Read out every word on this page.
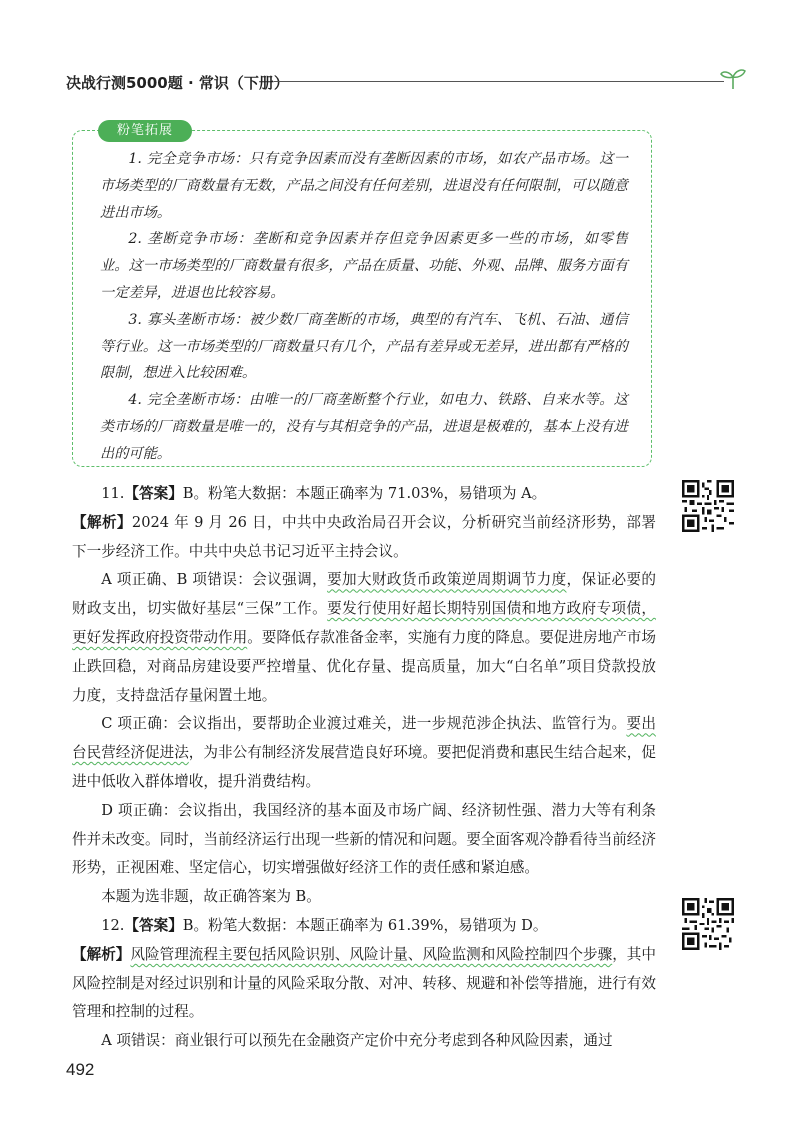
决战行测5000题 · 常识（下册）
粉笔拓展

1. 完全竞争市场：只有竞争因素而没有垄断因素的市场，如农产品市场。这一市场类型的厂商数量有无数，产品之间没有任何差别，进退没有任何限制，可以随意进出市场。

2. 垄断竞争市场：垄断和竞争因素并存但竞争因素更多一些的市场，如零售业。这一市场类型的厂商数量有很多，产品在质量、功能、外观、品牌、服务方面有一定差异，进退也比较容易。

3. 寡头垄断市场：被少数厂商垄断的市场，典型的有汽车、飞机、石油、通信等行业。这一市场类型的厂商数量只有几个，产品有差异或无差异，进出都有严格的限制，想进入比较困难。

4. 完全垄断市场：由唯一的厂商垄断整个行业，如电力、铁路、自来水等。这类市场的厂商数量是唯一的，没有与其相竞争的产品，进退是极难的，基本上没有进出的可能。

11.【答案】B。粉笔大数据：本题正确率为 71.03%，易错项为 A。

【解析】2024 年 9 月 26 日，中共中央政治局召开会议，分析研究当前经济形势，部署下一步经济工作。中共中央总书记习近平主持会议。

A 项正确、B 项错误：会议强调，要加大财政货币政策逆周期调节力度，保证必要的财政支出，切实做好基层“三保”工作。要发行使用好超长期特别国债和地方政府专项债，更好发挥政府投资带动作用。要降低存款准备金率，实施有力度的降息。要促进房地产市场止跌回稳，对商品房建设要严控增量、优化存量、提高质量，加大“白名单”项目贷款投放力度，支持盘活存量闲置土地。

C 项正确：会议指出，要帮助企业渡过难关，进一步规范涉企执法、监管行为。要出台民营经济促进法，为非公有制经济发展营造良好环境。要把促消费和惠民生结合起来，促进中低收入群体增收，提升消费结构。

D 项正确：会议指出，我国经济的基本面及市场广阔、经济韧性强、潜力大等有利条件并未改变。同时，当前经济运行出现一些新的情况和问题。要全面客观冷静看待当前经济形势，正视困难、坚定信心，切实增强做好经济工作的责任感和紧迫感。

本题为选非题，故正确答案为 B。

12.【答案】B。粉笔大数据：本题正确率为 61.39%，易错项为 D。

【解析】风险管理流程主要包括风险识别、风险计量、风险监测和风险控制四个步骤，其中风险控制是对经过识别和计量的风险采取分散、对冲、转移、规避和补偿等措施，进行有效管理和控制的过程。

A 项错误：商业银行可以预先在金融资产定价中充分考虑到各种风险因素，通过

492
